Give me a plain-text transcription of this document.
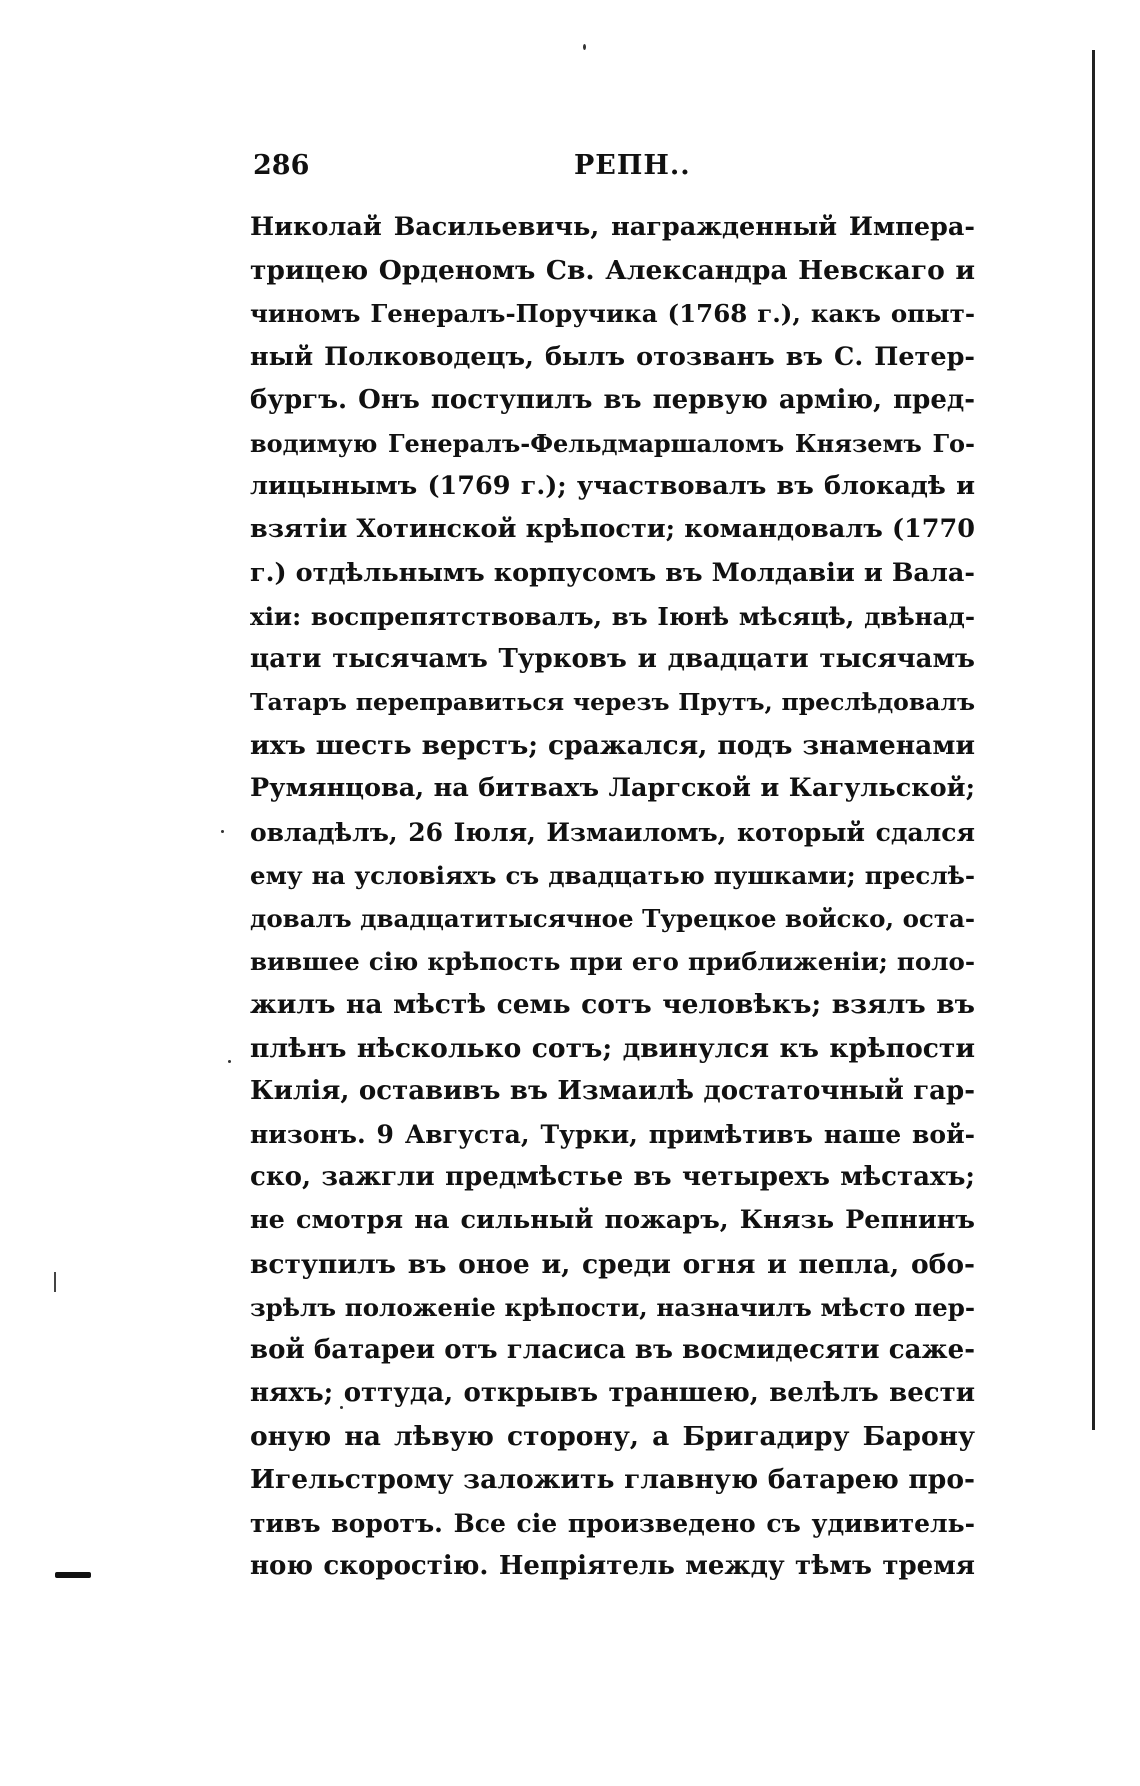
286	РЕПН..
Николай Васильевичь, награжденный Импера-
трицею Орденомъ Св. Александра Невскаго и
чиномъ Генералъ-Поручика (1768 г.), какъ опыт-
ный Полководецъ, былъ отозванъ въ С. Петер-
бургъ. Онъ поступилъ въ первую армію, пред-
водимую Генералъ-Фельдмаршаломъ Княземъ Го-
лицынымъ (1769 г.); участвовалъ въ блокадѣ и
взятіи Хотинской крѣпости; командовалъ (1770
г.) отдѣльнымъ корпусомъ въ Молдавіи и Вала-
хіи: воспрепятствовалъ, въ Іюнѣ мѣсяцѣ, двѣнад-
цати тысячамъ Турковъ и двадцати тысячамъ
Татаръ переправиться черезъ Прутъ, преслѣдовалъ
ихъ шесть верстъ; сражался, подъ знаменами
Румянцова, на битвахъ Ларгской и Кагульской;
овладѣлъ, 26 Іюля, Измаиломъ, который сдался
ему на условіяхъ съ двадцатью пушками; преслѣ-
довалъ двадцатитысячное Турецкое войско, оста-
вившее сію крѣпость при его приближеніи; поло-
жилъ на мѣстѣ семь сотъ человѣкъ; взялъ въ
плѣнъ нѣсколько сотъ; двинулся къ крѣпости
Килія, оставивъ въ Измаилѣ достаточный гар-
низонъ. 9 Августа, Турки, примѣтивъ наше вой-
ско, зажгли предмѣстье въ четырехъ мѣстахъ;
не смотря на сильный пожаръ, Князь Репнинъ
вступилъ въ оное и, среди огня и пепла, обо-
зрѣлъ положеніе крѣпости, назначилъ мѣсто пер-
вой батареи отъ гласиса въ восмидесяти саже-
няхъ; оттуда, открывъ траншею, велѣлъ вести
оную на лѣвую сторону, а Бригадиру Барону
Игельстрому заложить главную батарею про-
тивъ воротъ. Все сіе произведено съ удивитель-
ною скоростію. Непріятель между тѣмъ тремя
